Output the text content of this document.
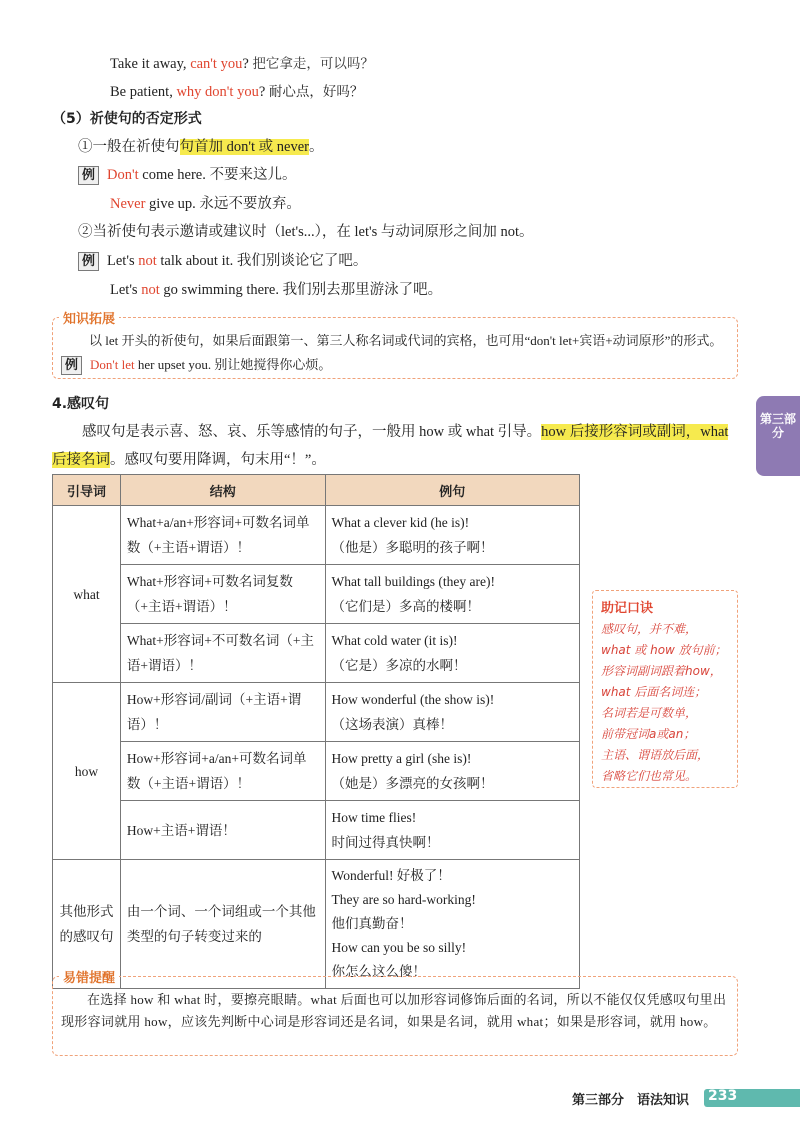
Take it away, can't you? 把它拿走，可以吗？
Be patient, why don't you? 耐心点，好吗？
（5）祈使句的否定形式
①一般在祈使句句首加 don't 或 never。
例 Don't come here. 不要来这儿。
Never give up. 永远不要放弃。
②当祈使句表示邀请或建议时（let's...），在 let's 与动词原形之间加 not。
例 Let's not talk about it. 我们别谈论它了吧。
Let's not go swimming there. 我们别去那里游泳了吧。
知识拓展
以 let 开头的祈使句，如果后面跟第一、第三人称名词或代词的宾格，也可用“don't let+宾语+动词原形”的形式。
例 Don't let her upset you. 别让她搅得你心烦。
4.感叹句
感叹句是表示喜、怒、哀、乐等感情的句子，一般用 how 或 what 引导。how 后接形容词或副词，what后接名词。感叹句要用降调，句末用“！”。
第三部分
引导词	结构	例句
what	What+a/an+形容词+可数名词单数（+主语+谓语）！	What a clever kid (he is)!
（他是）多聪明的孩子啊！

	What+形容词+可数名词复数（+主语+谓语）！	What tall buildings (they are)!
（它们是）多高的楼啊！

	What+形容词+不可数名词（+主语+谓语）！	What cold water (it is)!
（它是）多凉的水啊！

how	How+形容词/副词（+主语+谓语）！	How wonderful (the show is)!
（这场表演）真棒！

	How+形容词+a/an+可数名词单数（+主语+谓语）！	How pretty a girl (she is)!
（她是）多漂亮的女孩啊！

	How+主语+谓语！	How time flies!
时间过得真快啊！

其他形式的感叹句	由一个词、一个词组或一个其他类型的句子转变过来的	Wonderful! 好极了！
They are so hard-working!
他们真勤奋！
How can you be so silly!
你怎么这么傻！
助记口诀
感叹句，并不难，
what 或 how 放句前；
形容词副词跟着how，
what 后面名词连；
名词若是可数单，
前带冠词a或an；
主语、谓语放后面，
省略它们也常见。
易错提醒
在选择 how 和 what 时，要擦亮眼睛。what 后面也可以加形容词修饰后面的名词，所以不能仅仅凭感叹句里出现形容词就用 how，应该先判断中心词是形容词还是名词，如果是名词，就用 what；如果是形容词，就用 how。
第三部分　语法知识 233
